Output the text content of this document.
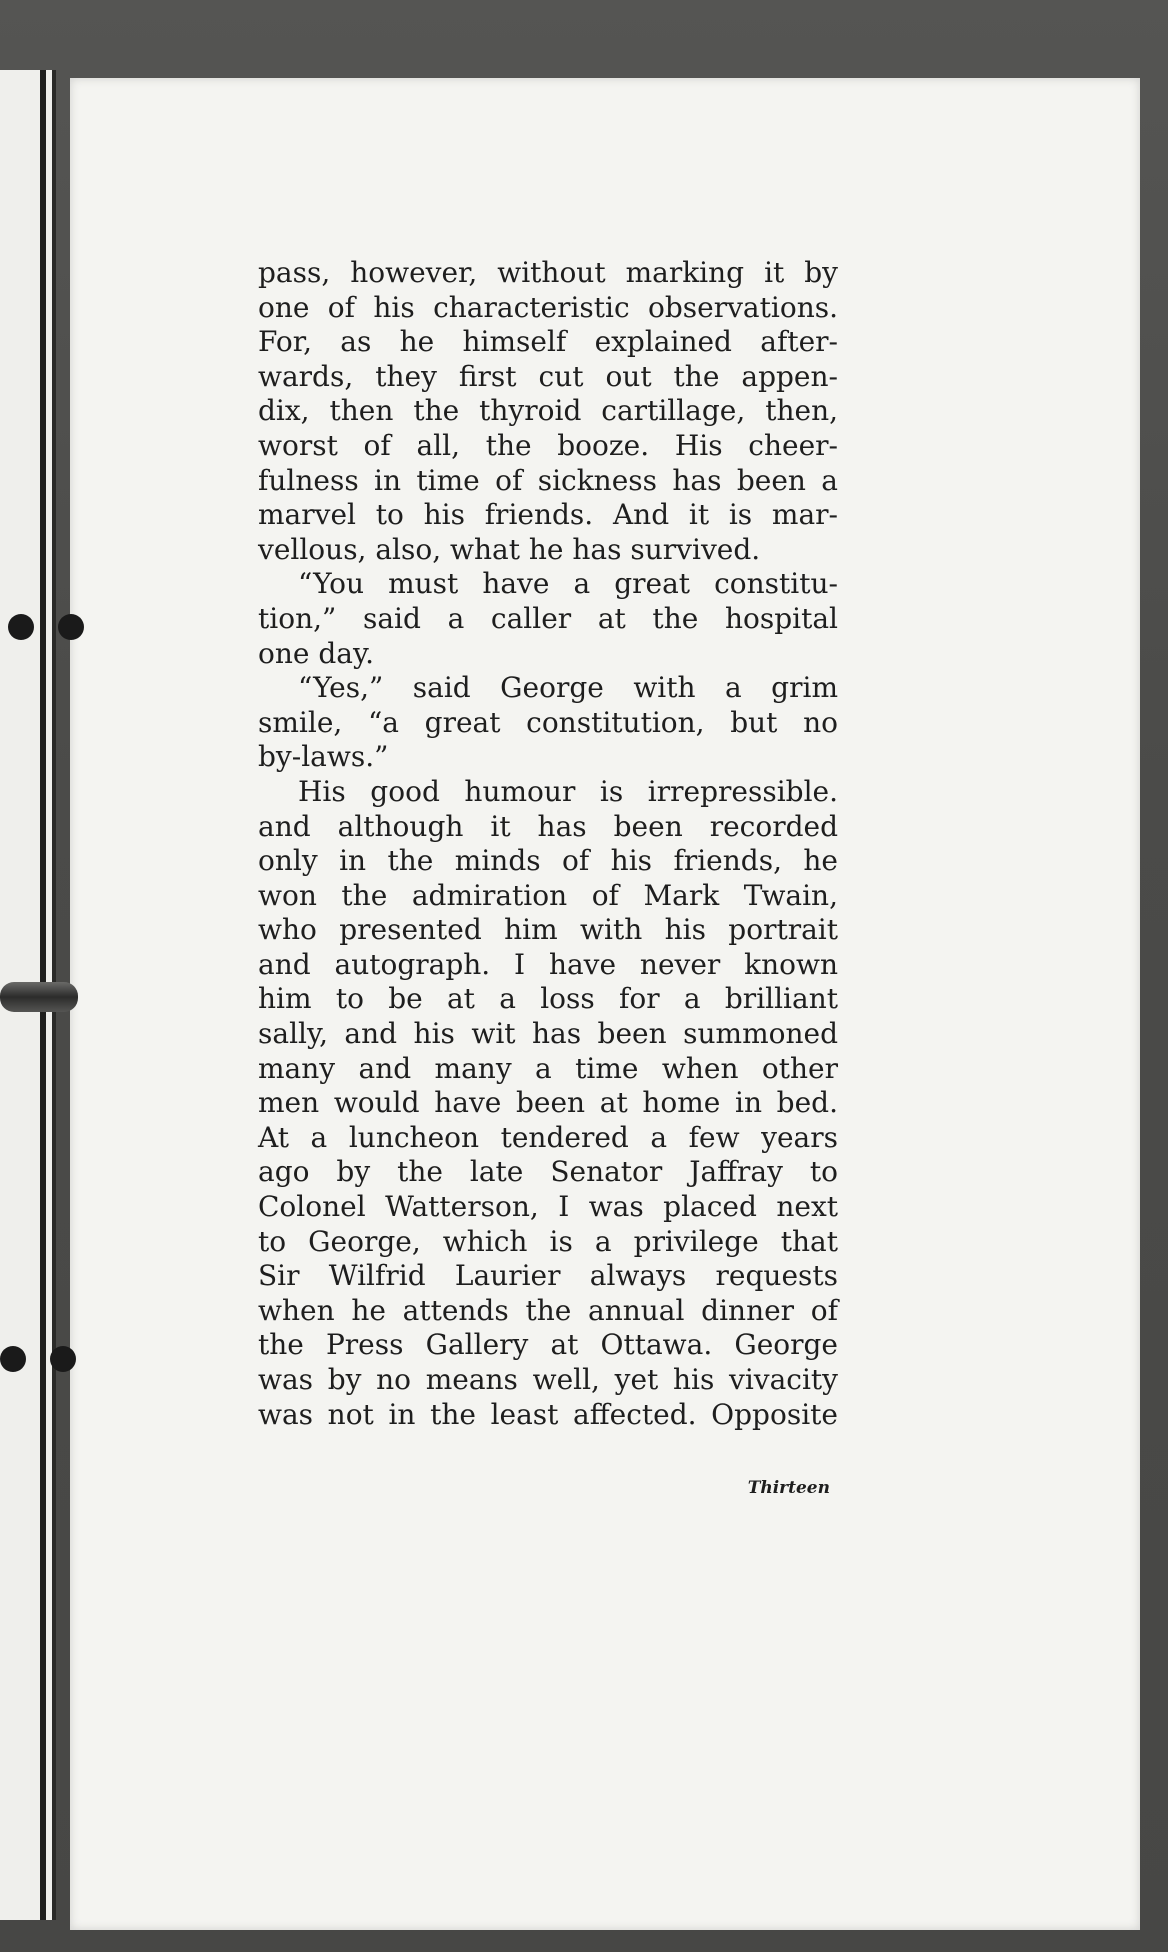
pass, however, without marking it by
one of his characteristic observations.
For, as he himself explained after-
wards, they first cut out the appen-
dix, then the thyroid cartillage, then,
worst of all, the booze. His cheer-
fulness in time of sickness has been a
marvel to his friends. And it is mar-
vellous, also, what he has survived.
“You must have a great constitu-
tion,” said a caller at the hospital
one day.
“Yes,” said George with a grim
smile, “a great constitution, but no
by-laws.”
His good humour is irrepressible.
and although it has been recorded
only in the minds of his friends, he
won the admiration of Mark Twain,
who presented him with his portrait
and autograph. I have never known
him to be at a loss for a brilliant
sally, and his wit has been summoned
many and many a time when other
men would have been at home in bed.
At a luncheon tendered a few years
ago by the late Senator Jaffray to
Colonel Watterson, I was placed next
to George, which is a privilege that
Sir Wilfrid Laurier always requests
when he attends the annual dinner of
the Press Gallery at Ottawa. George
was by no means well, yet his vivacity
was not in the least affected. Opposite
Thirteen
